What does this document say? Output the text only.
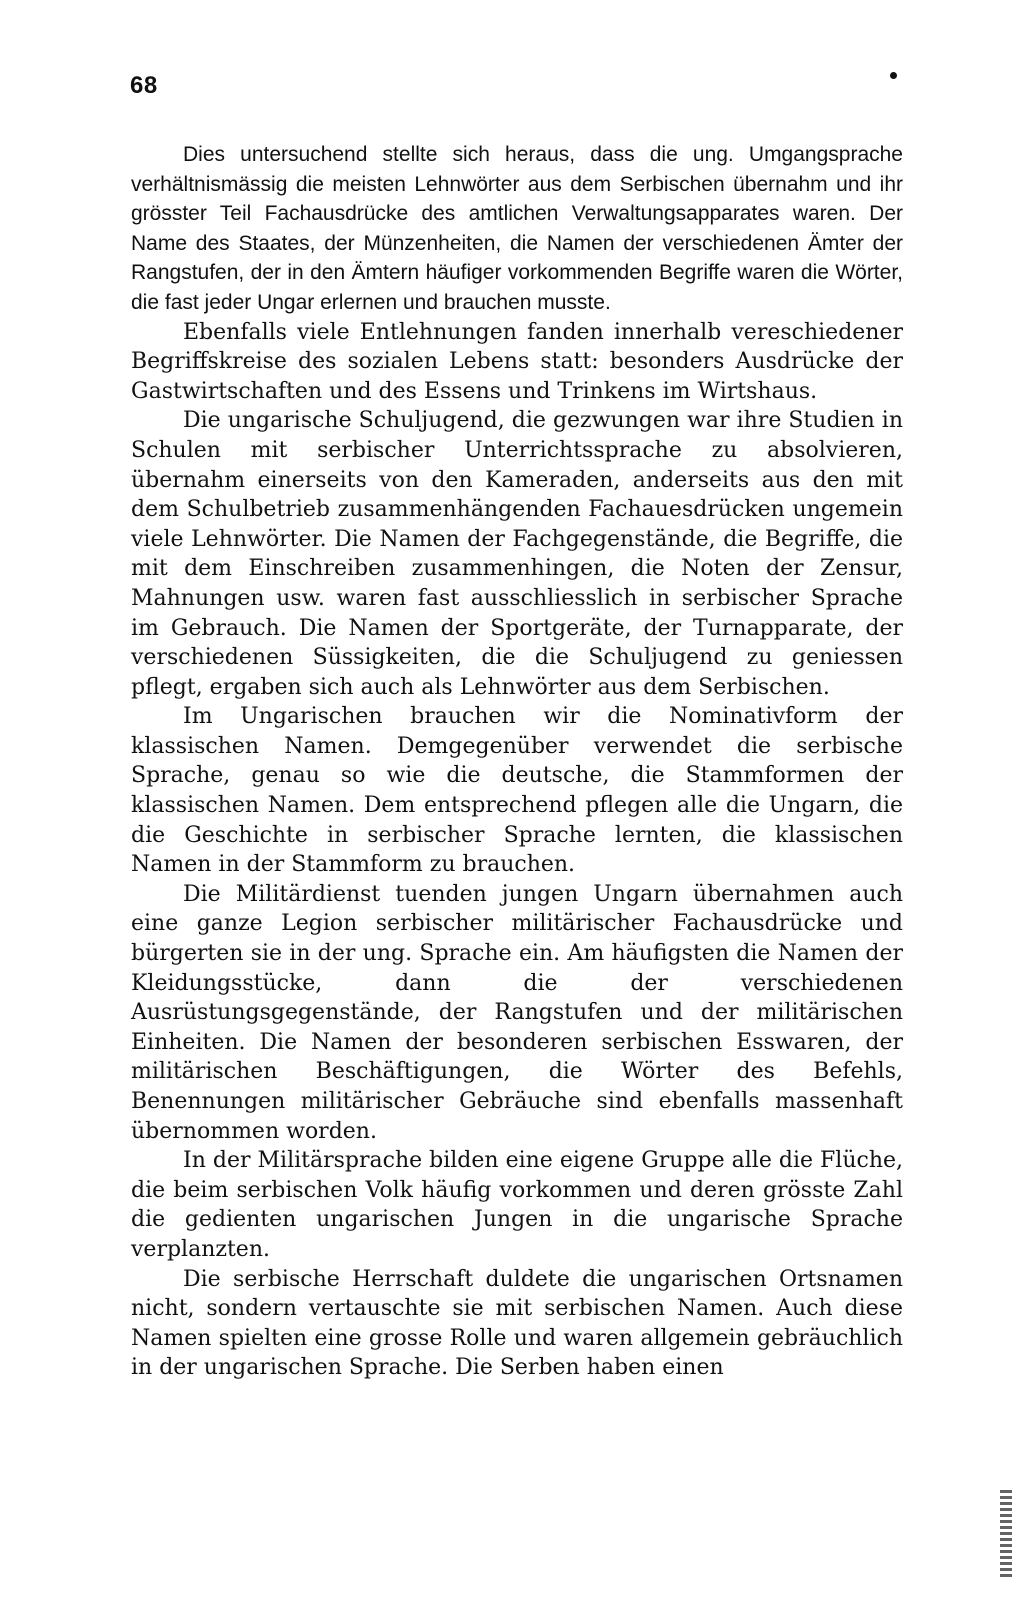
68

Dies untersuchend stellte sich heraus, dass die ung. Umgangsprache verhältnismässig die meisten Lehnwörter aus dem Serbischen übernahm und ihr grösster Teil Fachausdrücke des amtlichen Verwaltungsapparates waren. Der Name des Staates, der Münzenheiten, die Namen der verschiedenen Ämter der Rangstufen, der in den Ämtern häufiger vorkommenden Begriffe waren die Wörter, die fast jeder Ungar erlernen und brauchen musste.

Ebenfalls viele Entlehnungen fanden innerhalb vereschiedener Begriffskreise des sozialen Lebens statt: besonders Ausdrücke der Gastwirtschaften und des Essens und Trinkens im Wirtshaus.

Die ungarische Schuljugend, die gezwungen war ihre Studien in Schulen mit serbischer Unterrichtssprache zu absolvieren, übernahm einerseits von den Kameraden, anderseits aus den mit dem Schulbetrieb zusammenhängenden Fachauesdrücken ungemein viele Lehnwörter. Die Namen der Fachgegenstände, die Begriffe, die mit dem Einschreiben zusammenhingen, die Noten der Zensur, Mahnungen usw. waren fast ausschliesslich in serbischer Sprache im Gebrauch. Die Namen der Sportgeräte, der Turnapparate, der verschiedenen Süssigkeiten, die die Schuljugend zu geniessen pflegt, ergaben sich auch als Lehnwörter aus dem Serbischen.

Im Ungarischen brauchen wir die Nominativform der klassischen Namen. Demgegenüber verwendet die serbische Sprache, genau so wie die deutsche, die Stammformen der klassischen Namen. Dem entsprechend pflegen alle die Ungarn, die die Geschichte in serbischer Sprache lernten, die klassischen Namen in der Stammform zu brauchen.

Die Militärdienst tuenden jungen Ungarn übernahmen auch eine ganze Legion serbischer militärischer Fachausdrücke und bürgerten sie in der ung. Sprache ein. Am häufigsten die Namen der Kleidungsstücke, dann die der verschiedenen Ausrüstungsgegenstände, der Rangstufen und der militärischen Einheiten. Die Namen der besonderen serbischen Esswaren, der militärischen Beschäftigungen, die Wörter des Befehls, Benennungen militärischer Gebräuche sind ebenfalls massenhaft übernommen worden.

In der Militärsprache bilden eine eigene Gruppe alle die Flüche, die beim serbischen Volk häufig vorkommen und deren grösste Zahl die gedienten ungarischen Jungen in die ungarische Sprache verplanzten.

Die serbische Herrschaft duldete die ungarischen Ortsnamen nicht, sondern vertauschte sie mit serbischen Namen. Auch diese Namen spielten eine grosse Rolle und waren allgemein gebräuchlich in der ungarischen Sprache. Die Serben haben einen
